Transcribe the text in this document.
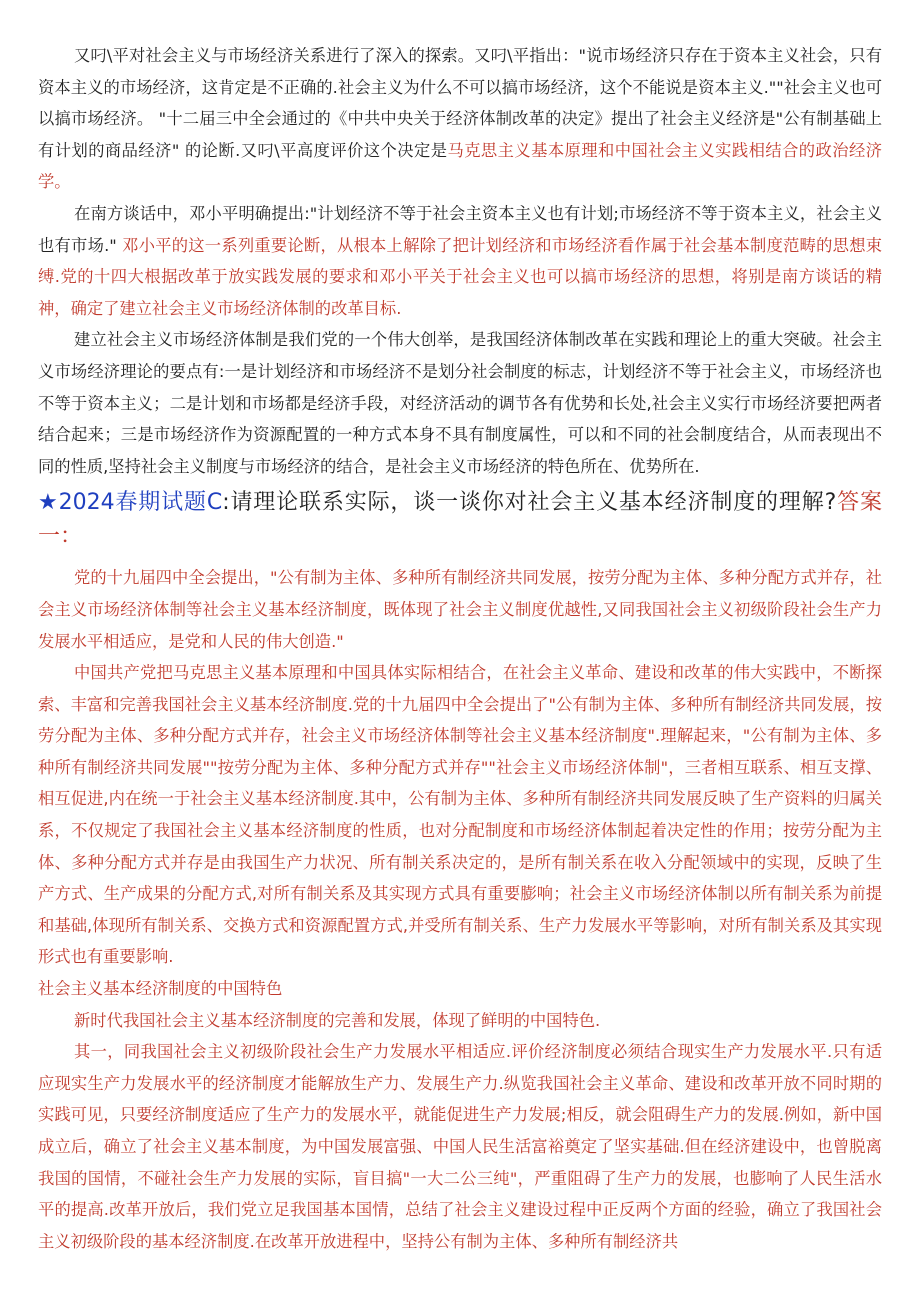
又叼\平对社会主义与市场经济关系进行了深入的探索。又叼\平指出："说市场经济只存在于资本主义社会，只有资本主义的市场经济，这肯定是不正确的.社会主义为什么不可以搞市场经济，这个不能说是资本主义.""社会主义也可以搞市场经济。 "十二届三中全会通过的《中共中央关于经济体制改革的决定》提出了社会主义经济是"公有制基础上有计划的商品经济" 的论断.又叼\平高度评价这个决定是马克思主义基本原理和中国社会主义实践相结合的政治经济学。

在南方谈话中，邓小平明确提出:"计划经济不等于社会主资本主义也有计划;市场经济不等于资本主义，社会主义也有市场." 邓小平的这一系列重要论断，从根本上解除了把计划经济和市场经济看作属于社会基本制度范畴的思想束缚.党的十四大根据改革于放实践发展的要求和邓小平关于社会主义也可以搞市场经济的思想，将别是南方谈话的精神，确定了建立社会主义市场经济体制的改革目标.

建立社会主义市场经济体制是我们党的一个伟大创举，是我国经济体制改革在实践和理论上的重大突破。社会主义市场经济理论的要点有:一是计划经济和市场经济不是划分社会制度的标志，计划经济不等于社会主义，市场经济也不等于资本主义；二是计划和市场都是经济手段，对经济活动的调节各有优势和长处,社会主义实行市场经济要把两者结合起来；三是市场经济作为资源配置的一种方式本身不具有制度属性，可以和不同的社会制度结合，从而表现出不同的性质,坚持社会主义制度与市场经济的结合，是社会主义市场经济的特色所在、优势所在.

★2024春期试题C:请理论联系实际，谈一谈你对社会主义基本经济制度的理解?答案一：

党的十九届四中全会提出，"公有制为主体、多种所有制经济共同发展，按劳分配为主体、多种分配方式并存，社会主义市场经济体制等社会主义基本经济制度，既体现了社会主义制度优越性,又同我国社会主义初级阶段社会生产力发展水平相适应，是党和人民的伟大创造."

中国共产党把马克思主义基本原理和中国具体实际相结合，在社会主义革命、建设和改革的伟大实践中，不断探索、丰富和完善我国社会主义基本经济制度.党的十九届四中全会提出了"公有制为主体、多种所有制经济共同发展，按劳分配为主体、多种分配方式并存，社会主义市场经济体制等社会主义基本经济制度".理解起来，"公有制为主体、多种所有制经济共同发展""按劳分配为主体、多种分配方式并存""社会主义市场经济体制"，三者相互联系、相互支撑、相互促进,内在统一于社会主义基本经济制度.其中，公有制为主体、多种所有制经济共同发展反映了生产资料的归属关系，不仅规定了我国社会主义基本经济制度的性质，也对分配制度和市场经济体制起着决定性的作用；按劳分配为主体、多种分配方式并存是由我国生产力状况、所有制关系决定的，是所有制关系在收入分配领域中的实现，反映了生产方式、生产成果的分配方式,对所有制关系及其实现方式具有重要膨响；社会主义市场经济体制以所有制关系为前提和基础,体现所有制关系、交换方式和资源配置方式,并受所有制关系、生产力发展水平等影响，对所有制关系及其实现形式也有重要影响.

社会主义基本经济制度的中国特色

新时代我国社会主义基本经济制度的完善和发展，体现了鲜明的中国特色.

其一，同我国社会主义初级阶段社会生产力发展水平相适应.评价经济制度必须结合现实生产力发展水平.只有适应现实生产力发展水平的经济制度才能解放生产力、发展生产力.纵览我国社会主义革命、建设和改革开放不同时期的实践可见，只要经济制度适应了生产力的发展水平，就能促进生产力发展;相反，就会阻碍生产力的发展.例如，新中国成立后，确立了社会主义基本制度，为中国发展富强、中国人民生活富裕奠定了坚实基础.但在经济建设中，也曾脱离我国的国情，不碰社会生产力发展的实际，盲目搞"一大二公三纯"，严重阻碍了生产力的发展，也膨响了人民生活水平的提高.改革开放后，我们党立足我国基本国情，总结了社会主义建设过程中正反两个方面的经验，确立了我国社会主义初级阶段的基本经济制度.在改革开放进程中，坚持公有制为主体、多种所有制经济共
